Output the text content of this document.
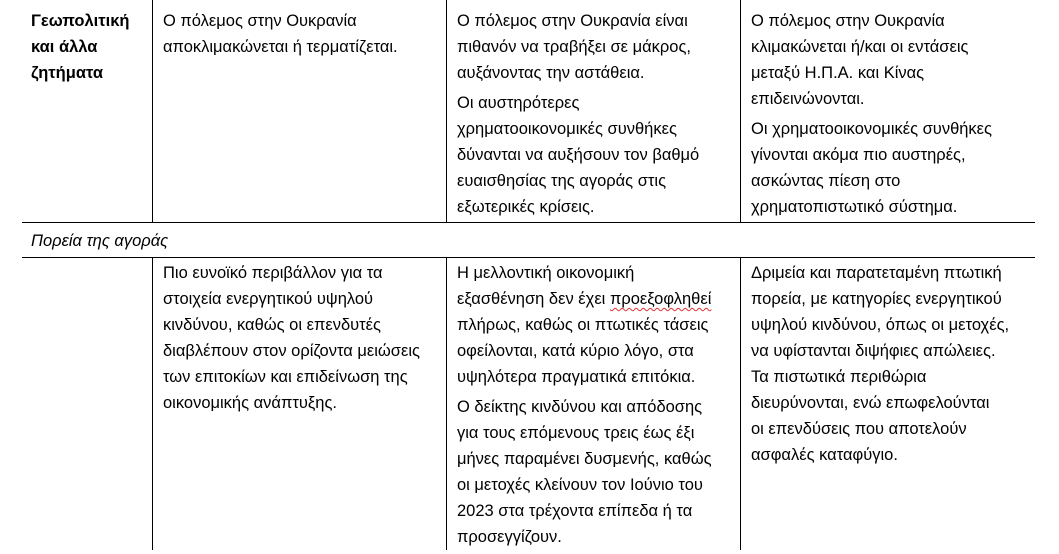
Γεωπολιτική
και άλλα
ζητήματα

Ο πόλεμος στην Ουκρανία
αποκλιμακώνεται ή τερματίζεται.

Ο πόλεμος στην Ουκρανία είναι
πιθανόν να τραβήξει σε μάκρος,
αυξάνοντας την αστάθεια.

Οι αυστηρότερες
χρηματοοικονομικές συνθήκες
δύνανται να αυξήσουν τον βαθμό
ευαισθησίας της αγοράς στις
εξωτερικές κρίσεις.

Ο πόλεμος στην Ουκρανία
κλιμακώνεται ή/και οι εντάσεις
μεταξύ Η.Π.Α. και Κίνας
επιδεινώνονται.

Οι χρηματοοικονομικές συνθήκες
γίνονται ακόμα πιο αυστηρές,
ασκώντας πίεση στο
χρηματοπιστωτικό σύστημα.

Πορεία της αγοράς

Πιο ευνοϊκό περιβάλλον για τα
στοιχεία ενεργητικού υψηλού
κινδύνου, καθώς οι επενδυτές
διαβλέπουν στον ορίζοντα μειώσεις
των επιτοκίων και επιδείνωση της
οικονομικής ανάπτυξης.

Η μελλοντική οικονομική
εξασθένηση δεν έχει προεξοφληθεί
πλήρως, καθώς οι πτωτικές τάσεις
οφείλονται, κατά κύριο λόγο, στα
υψηλότερα πραγματικά επιτόκια.

Ο δείκτης κινδύνου και απόδοσης
για τους επόμενους τρεις έως έξι
μήνες παραμένει δυσμενής, καθώς
οι μετοχές κλείνουν τον Ιούνιο του
2023 στα τρέχοντα επίπεδα ή τα
προσεγγίζουν.

Δριμεία και παρατεταμένη πτωτική
πορεία, με κατηγορίες ενεργητικού
υψηλού κινδύνου, όπως οι μετοχές,
να υφίστανται διψήφιες απώλειες.
Τα πιστωτικά περιθώρια
διευρύνονται, ενώ επωφελούνται
οι επενδύσεις που αποτελούν
ασφαλές καταφύγιο.
